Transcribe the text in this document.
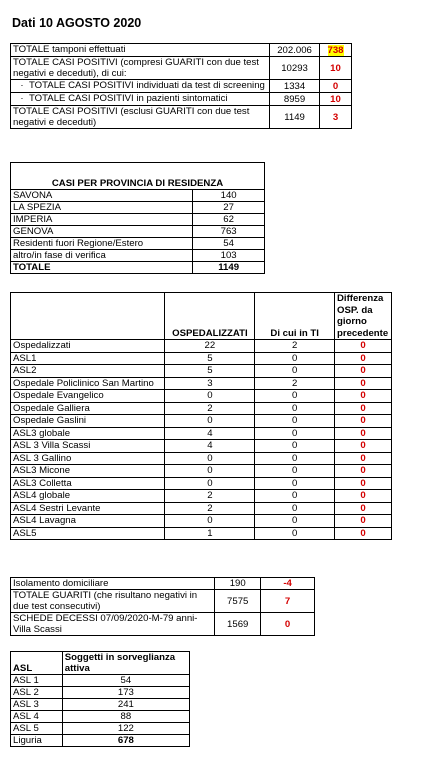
Dati 10 AGOSTO 2020
TOTALE tamponi effettuati	202.006	738
TOTALE CASI POSITIVI (compresi GUARITI con due test negativi e deceduti), di cui:	10293	10
· TOTALE CASI POSITIVI individuati da test di screening	1334	0
· TOTALE CASI POSITIVI in pazienti sintomatici	8959	10
TOTALE CASI POSITIVI (esclusi GUARITI con due test negativi e deceduti)	1149	3
CASI PER PROVINCIA DI RESIDENZA	
SAVONA	140
LA SPEZIA	27
IMPERIA	62
GENOVA	763
Residenti fuori Regione/Estero	54
altro/in fase di verifica	103
TOTALE	1149
	OSPEDALIZZATI	Di cui in TI	Differenza OSP. da giorno precedente
Ospedalizzati	22	2	0
ASL1	5	0	0
ASL2	5	0	0
Ospedale Policlinico San Martino	3	2	0
Ospedale Evangelico	0	0	0
Ospedale Galliera	2	0	0
Ospedale Gaslini	0	0	0
ASL3 globale	4	0	0
ASL 3 Villa Scassi	4	0	0
ASL 3 Gallino	0	0	0
ASL3 Micone	0	0	0
ASL3 Colletta	0	0	0
ASL4 globale	2	0	0
ASL4 Sestri Levante	2	0	0
ASL4 Lavagna	0	0	0
ASL5	1	0	0
Isolamento domiciliare	190	-4
TOTALE GUARITI (che risultano negativi in due test consecutivi)	7575	7
SCHEDE DECESSI 07/09/2020-M-79 anni-Villa Scassi	1569	0
ASL	Soggetti in sorveglianza attiva
ASL 1	54
ASL 2	173
ASL 3	241
ASL 4	88
ASL 5	122
Liguria	678
